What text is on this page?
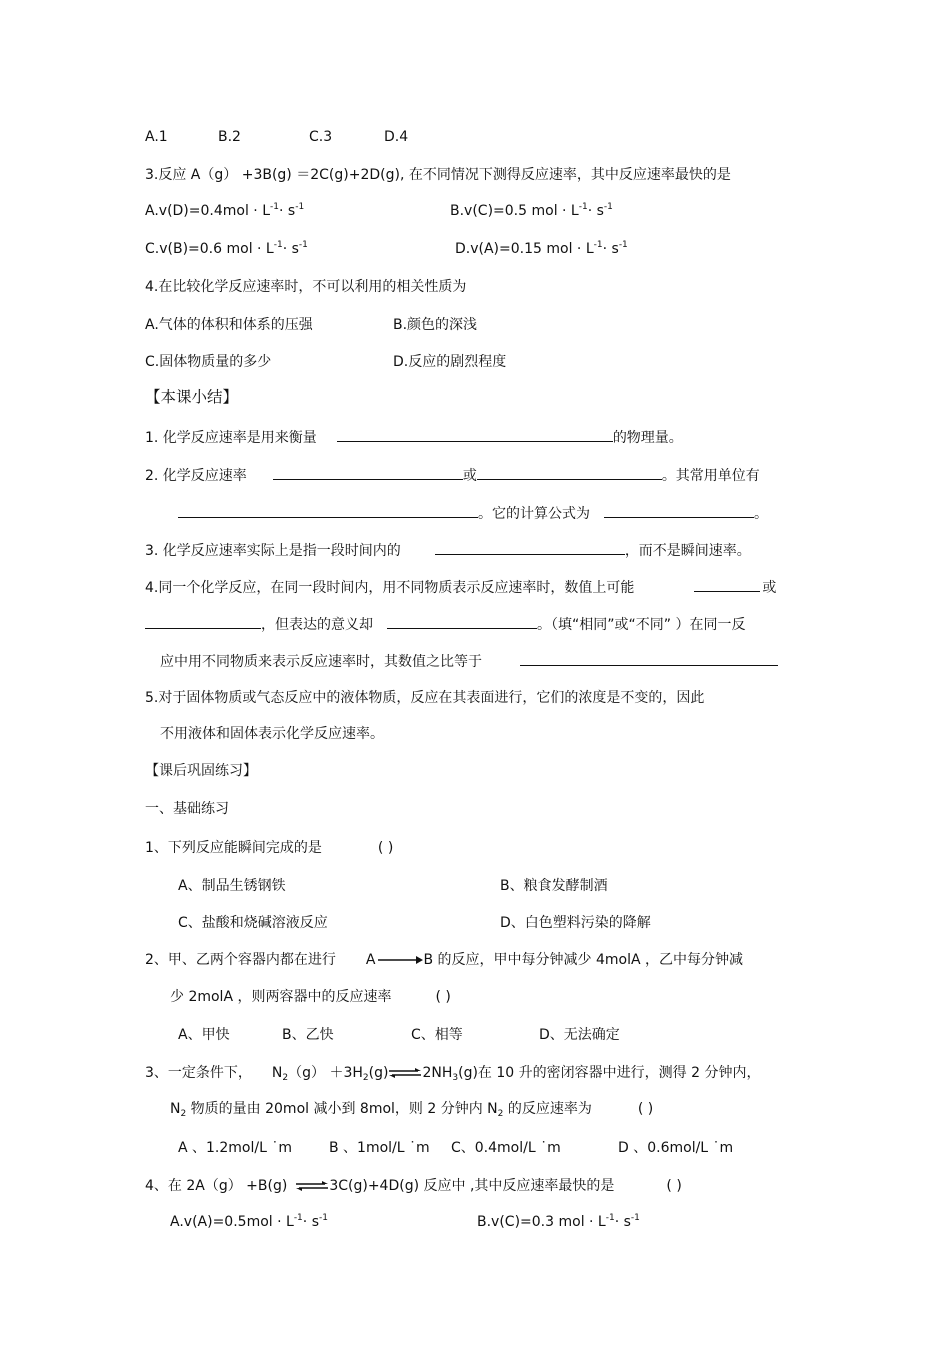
A.1	B.2	C.3	D.4
3.反应 A（g） +3B(g) ＝2C(g)+2D(g), 在不同情况下测得反应速率，其中反应速率最快的是
$A.v(D)=0.4mol \cdot L^{-1}\cdot s^{-1}$	B.v(C)=0.5 mol · $L^{-1}\cdot s^{-1}$
C.v(B)=0.6 mol · $L^{-1}\cdot s^{-1}$	D.v(A)=0.15 mol · $L^{-1}\cdot s^{-1}$
4.在比较化学反应速率时，不可以利用的相关性质为
A.气体的体积和体系的压强	B.颜色的深浅
C.固体物质量的多少	D.反应的剧烈程度
【本课小结】
1. 化学反应速率是用来衡量	的物理量。
2. 化学反应速率	或	。其常用单位有
。它的计算公式为	。
3. 化学反应速率实际上是指一段时间内的	，而不是瞬间速率。
4.同一个化学反应，在同一段时间内，用不同物质表示反应速率时，数值上可能	或
，但表达的意义却	。（填“相同”或“不同” ）在同一反
应中用不同物质来表示反应速率时，其数值之比等于
5.对于固体物质或气态反应中的液体物质，反应在其表面进行，它们的浓度是不变的，因此
不用液体和固体表示化学反应速率。
【课后巩固练习】
一、基础练习
1、下列反应能瞬间完成的是	( )
A、制品生锈钢铁	B、粮食发酵制酒
C、盐酸和烧碱溶液反应	D、白色塑料污染的降解
2、甲、乙两个容器内都在进行 A	B 的反应，甲中每分钟减少 4molA ，乙中每分钟减
少 2molA ，则两容器中的反应速率	( )
A、甲快	B、乙快	C、相等	D、无法确定
3、一定条件下， $N_2(g)$ $+3H_2(g)\rightleftharpoons 2NH_3(g)$在 10 升的密闭容器中进行，测得 2 分钟内，
$N_2$ 物质的量由 20mol 减小到 8mol，则 2 分钟内 $N_2$ 的反应速率为	( )
A 、1.2mol/L ˙m	B 、1mol/L ˙m C、0.4mol/L ˙m	D 、0.6mol/L ˙m
4、在 2A（g） +B(g) ⇌3C(g)+4D(g) 反应中 ,其中反应速率最快的是	( )
$A.v(A)=0.5mol \cdot L^{-1}\cdot s^{-1}$	B.v(C)=0.3 mol · $L^{-1}\cdot s^{-1}$
